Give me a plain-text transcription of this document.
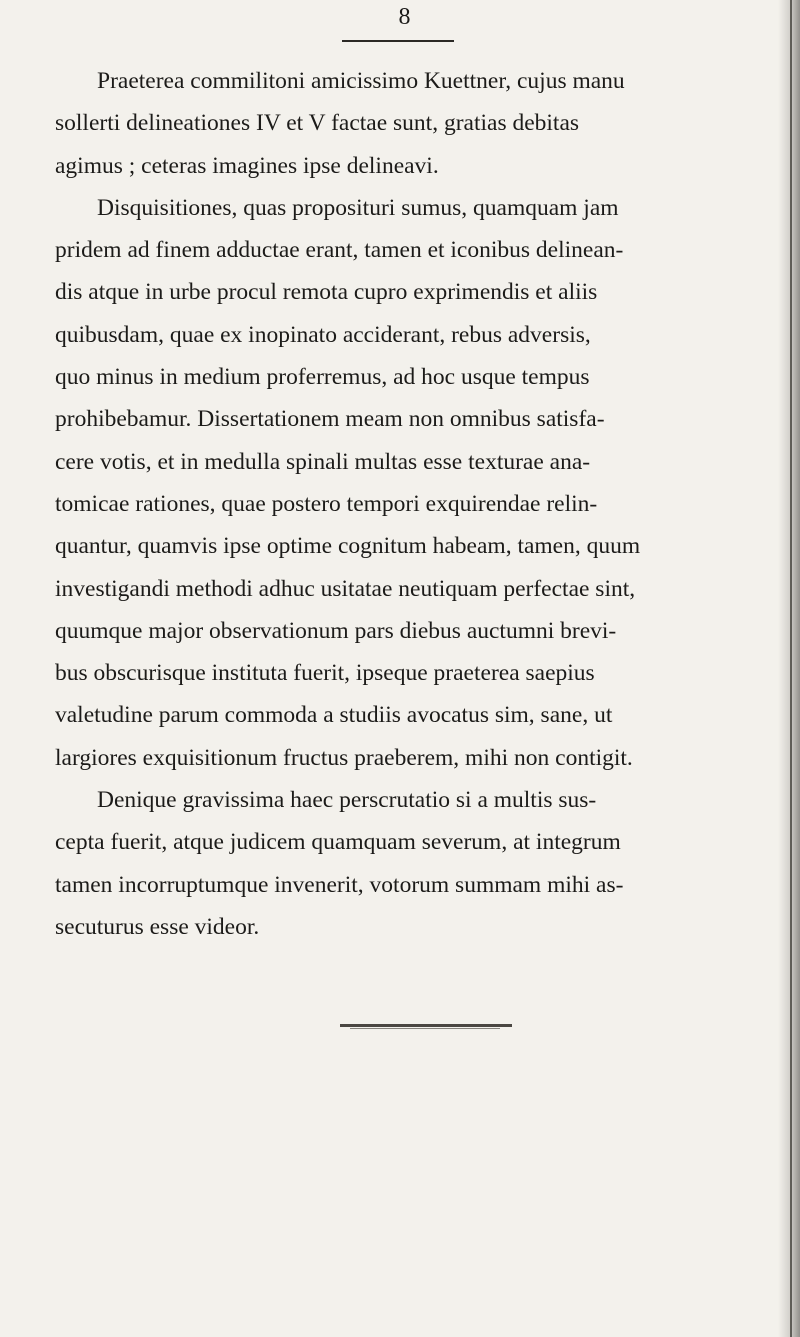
8
Praeterea commilitoni amicissimo Kuettner, cujus manu
sollerti delineationes IV et V factae sunt, gratias debitas
agimus ; ceteras imagines ipse delineavi.
Disquisitiones, quas proposituri sumus, quamquam jam
pridem ad finem adductae erant, tamen et iconibus delinean-
dis atque in urbe procul remota cupro exprimendis et aliis
quibusdam, quae ex inopinato acciderant, rebus adversis,
quo minus in medium proferremus, ad hoc usque tempus
prohibebamur. Dissertationem meam non omnibus satisfa-
cere votis, et in medulla spinali multas esse texturae ana-
tomicae rationes, quae postero tempori exquirendae relin-
quantur, quamvis ipse optime cognitum habeam, tamen, quum
investigandi methodi adhuc usitatae neutiquam perfectae sint,
quumque major observationum pars diebus auctumni brevi-
bus obscurisque instituta fuerit, ipseque praeterea saepius
valetudine parum commoda a studiis avocatus sim, sane, ut
largiores exquisitionum fructus praeberem, mihi non contigit.
Denique gravissima haec perscrutatio si a multis sus-
cepta fuerit, atque judicem quamquam severum, at integrum
tamen incorruptumque invenerit, votorum summam mihi as-
secuturus esse videor.
